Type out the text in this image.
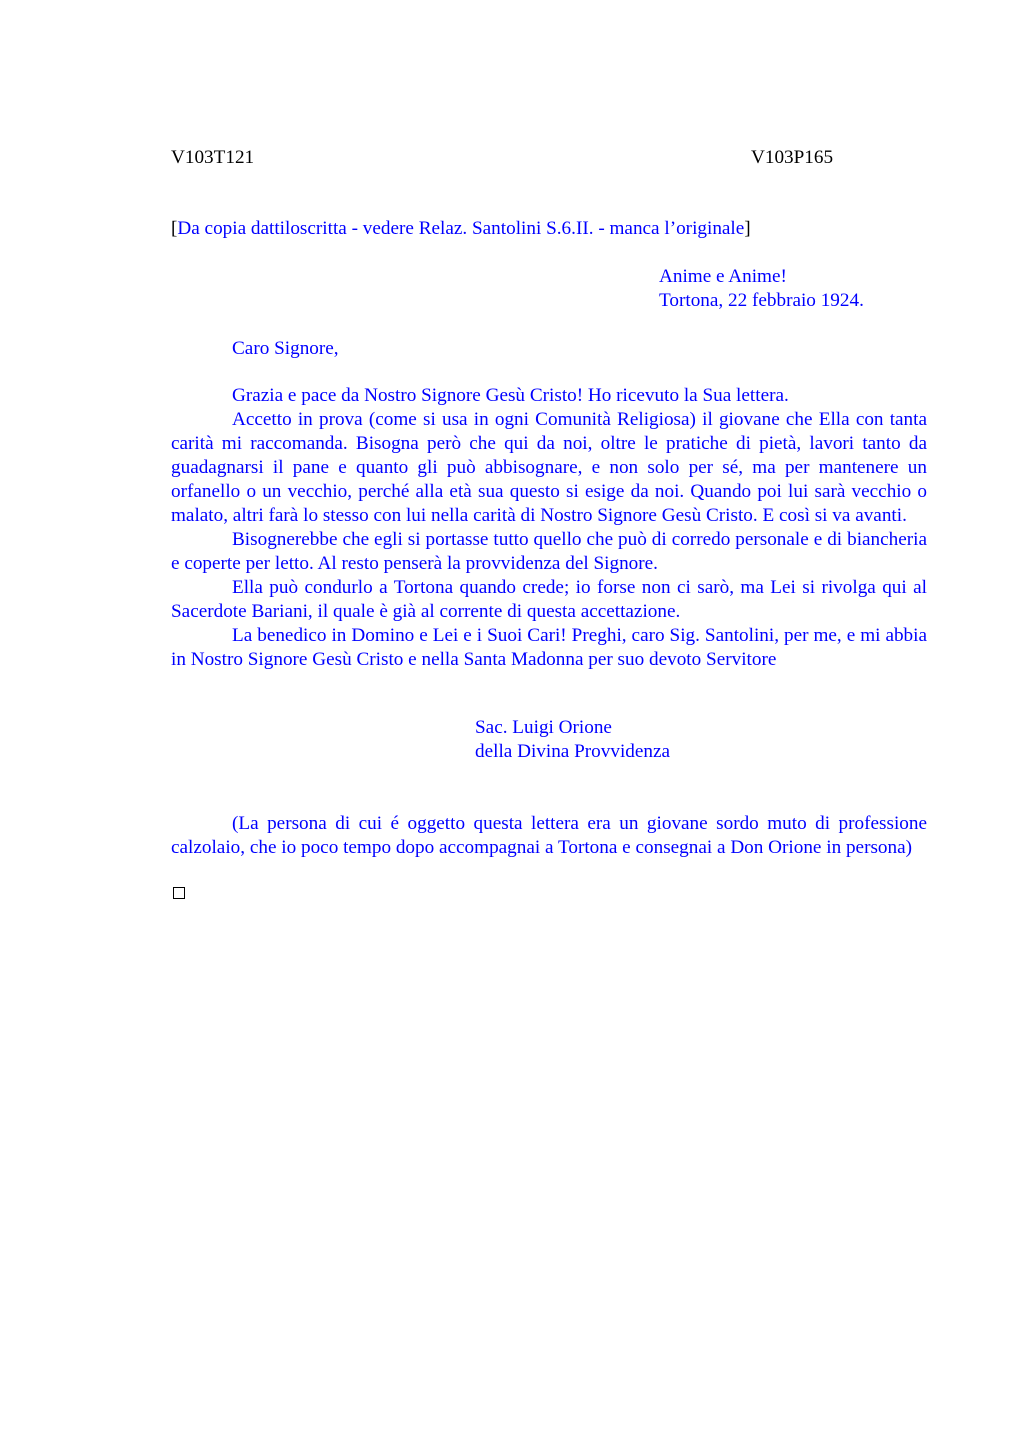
V103T121	V103P165
[Da copia dattiloscritta - vedere Relaz. Santolini S.6.II. - manca l’originale]
Anime e Anime!
Tortona, 22 febbraio 1924.
Caro Signore,

Grazia e pace da Nostro Signore Gesù Cristo! Ho ricevuto la Sua lettera.

Accetto in prova (come si usa in ogni Comunità Religiosa) il giovane che Ella con tanta carità mi raccomanda. Bisogna però che qui da noi, oltre le pratiche di pietà, lavori tanto da guadagnarsi il pane e quanto gli può abbisognare, e non solo per sé, ma per mantenere un orfanello o un vecchio, perché alla età sua questo si esige da noi. Quando poi lui sarà vecchio o malato, altri farà lo stesso con lui nella carità di Nostro Signore Gesù Cristo. E così si va avanti.

Bisognerebbe che egli si portasse tutto quello che può di corredo personale e di biancheria e coperte per letto. Al resto penserà la provvidenza del Signore.

Ella può condurlo a Tortona quando crede; io forse non ci sarò, ma Lei si rivolga qui al Sacerdote Bariani, il quale è già al corrente di questa accettazione.

La benedico in Domino e Lei e i Suoi Cari! Preghi, caro Sig. Santolini, per me, e mi abbia in Nostro Signore Gesù Cristo e nella Santa Madonna per suo devoto Servitore

Sac. Luigi Orione
della Divina Provvidenza

(La persona di cui é oggetto questa lettera era un giovane sordo muto di professione calzolaio, che io poco tempo dopo accompagnai a Tortona e consegnai a Don Orione in persona)
